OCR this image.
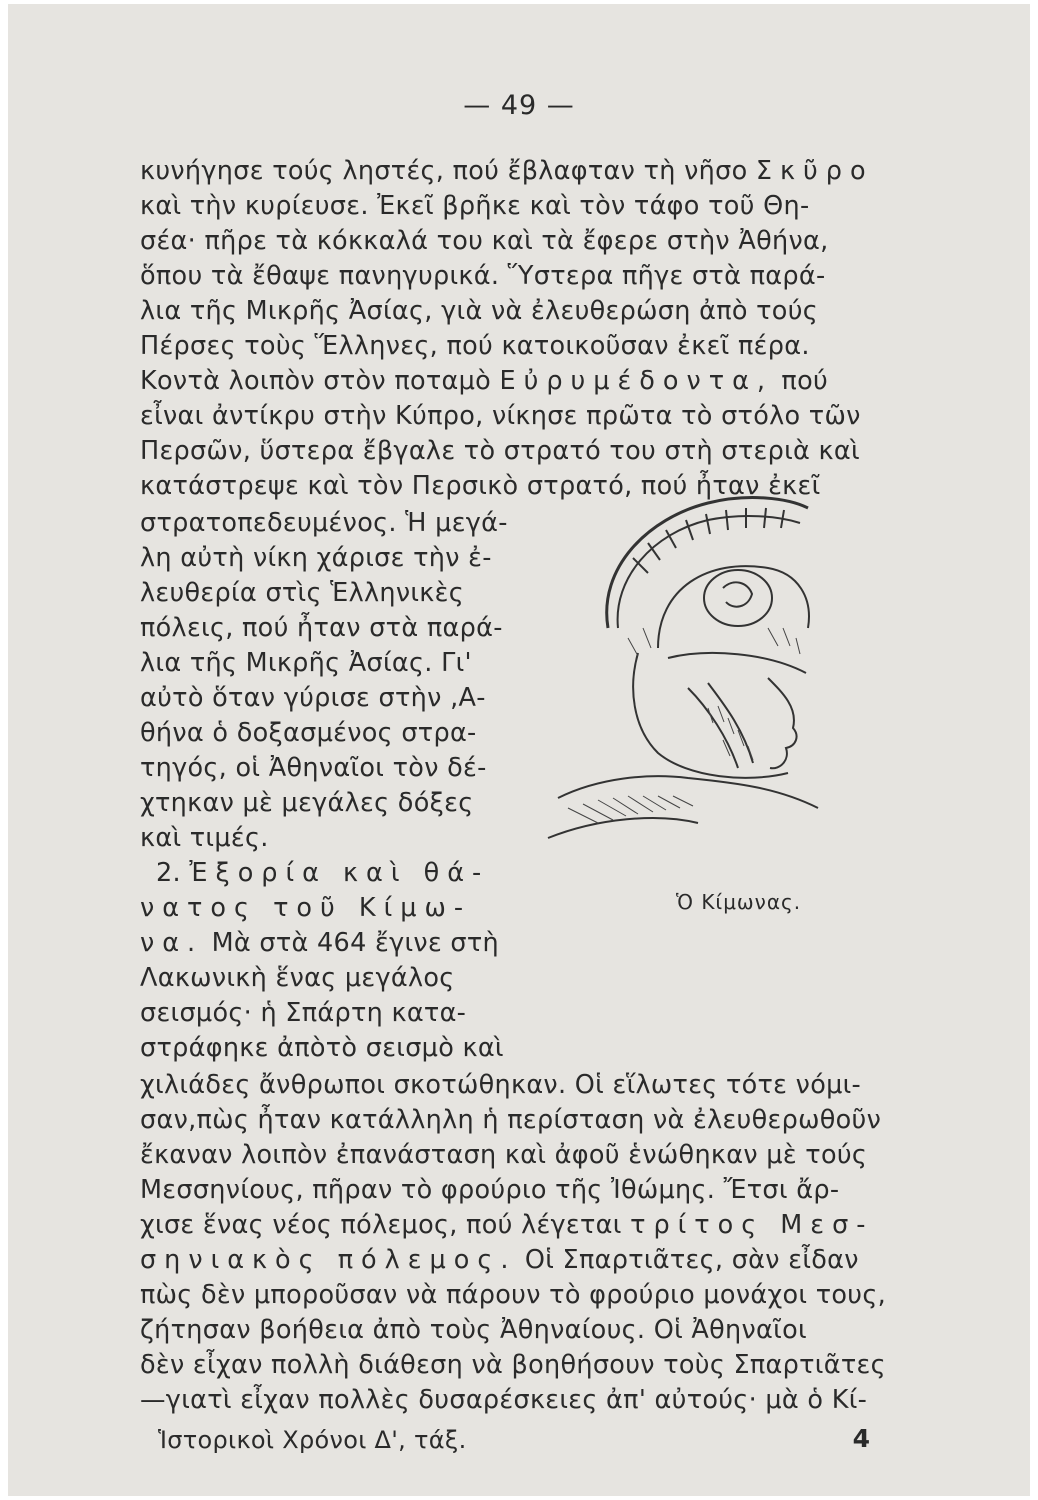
— 49 —
κυνήγησε τούς ληστές, πού ἔβλαφταν τὴ νῆσο Σκῦρο
καὶ τὴν κυρίευσε. Ἐκεῖ βρῆκε καὶ τὸν τάφο τοῦ Θη-
σέα· πῆρε τὰ κόκκαλά του καὶ τὰ ἔφερε στὴν Ἀθήνα,
ὅπου τὰ ἔθαψε πανηγυρικά. Ὕστερα πῆγε στὰ παρά-
λια τῆς Μικρῆς Ἀσίας, γιὰ νὰ ἐλευθερώση ἀπὸ τούς
Πέρσες τοὺς Ἕλληνες, πού κατοικοῦσαν ἐκεῖ πέρα.
Κοντὰ λοιπὸν στὸν ποταμὸ Εὐρυμέδοντα, πού
εἶναι ἀντίκρυ στὴν Κύπρο, νίκησε πρῶτα τὸ στόλο τῶν
Περσῶν, ὕστερα ἔβγαλε τὸ στρατό του στὴ στεριὰ καὶ
κατάστρεψε καὶ τὸν Περσικὸ στρατό, πού ἦταν ἐκεῖ
στρατοπεδευμένος. Ἡ μεγά-
λη αὐτὴ νίκη χάρισε τὴν ἐ-
λευθερία στὶς Ἑλληνικὲς
πόλεις, πού ἦταν στὰ παρά-
λια τῆς Μικρῆς Ἀσίας. Γι'
αὐτὸ ὅταν γύρισε στὴν ,Α-
θήνα ὁ δοξασμένος στρα-
τηγός, οἱ Ἀθηναῖοι τὸν δέ-
χτηκαν μὲ μεγάλες δόξες
καὶ τιμές.
2. Ἐξορία καὶ θά-
νατος τοῦ Κίμω-
να. Μὰ στὰ 464 ἔγινε στὴ
Λακωνικὴ ἕνας μεγάλος
σεισμός· ἡ Σπάρτη κατα-
στράφηκε ἀπὸτὸ σεισμὸ καὶ
χιλιάδες ἄνθρωποι σκοτώθηκαν. Οἱ εἵλωτες τότε νόμι-
σαν,πὼς ἦταν κατάλληλη ἡ περίσταση νὰ ἐλευθερωθοῦν
ἔκαναν λοιπὸν ἐπανάσταση καὶ ἀφοῦ ἑνώθηκαν μὲ τούς
Μεσσηνίους, πῆραν τὸ φρούριο τῆς Ἰθώμης. Ἔτσι ἄρ-
χισε ἕνας νέος πόλεμος, πού λέγεται τρίτος Μεσ-
σηνιακὸς πόλεμος. Οἱ Σπαρτιᾶτες, σὰν εἶδαν
πὼς δὲν μποροῦσαν νὰ πάρουν τὸ φρούριο μονάχοι τους,
ζήτησαν βοήθεια ἀπὸ τοὺς Ἀθηναίους. Οἱ Ἀθηναῖοι
δὲν εἶχαν πολλὴ διάθεση νὰ βοηθήσουν τοὺς Σπαρτιᾶτες
—γιατὶ εἶχαν πολλὲς δυσαρέσκειες ἀπ' αὐτούς· μὰ ὁ Κί-
Ὁ Κίμωνας.
Ἱστορικοὶ Χρόνοι Δ', τάξ.	4
